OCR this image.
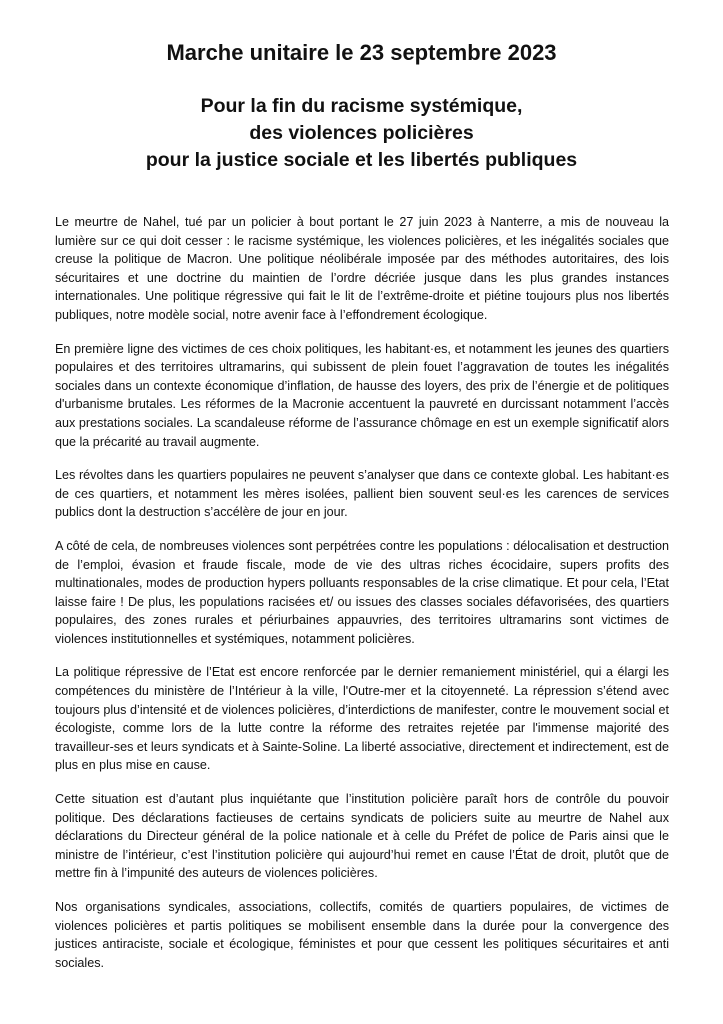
Marche unitaire le 23 septembre 2023
Pour la fin du racisme systémique,
des violences policières
pour la justice sociale et les libertés publiques

Le meurtre de Nahel, tué par un policier à bout portant le 27 juin 2023 à Nanterre, a mis de nouveau la lumière sur ce qui doit cesser : le racisme systémique, les violences policières, et les inégalités sociales que creuse la politique de Macron. Une politique néolibérale imposée par des méthodes autoritaires, des lois sécuritaires et une doctrine du maintien de l’ordre décriée jusque dans les plus grandes instances internationales. Une politique régressive qui fait le lit de l’extrême-droite et piétine toujours plus nos libertés publiques, notre modèle social, notre avenir face à l’effondrement écologique.

En première ligne des victimes de ces choix politiques, les habitant·es, et notamment les jeunes des quartiers populaires et des territoires ultramarins, qui subissent de plein fouet l’aggravation de toutes les inégalités sociales dans un contexte économique d’inflation, de hausse des loyers, des prix de l’énergie et de politiques d'urbanisme brutales. Les réformes de la Macronie accentuent la pauvreté en durcissant notamment l’accès aux prestations sociales. La scandaleuse réforme de l’assurance chômage en est un exemple significatif alors que la précarité au travail augmente.

Les révoltes dans les quartiers populaires ne peuvent s’analyser que dans ce contexte global. Les habitant·es de ces quartiers, et notamment les mères isolées, pallient bien souvent seul·es les carences de services publics dont la destruction s’accélère de jour en jour.

A côté de cela, de nombreuses violences sont perpétrées contre les populations : délocalisation et destruction de l’emploi, évasion et fraude fiscale, mode de vie des ultras riches écocidaire, supers profits des multinationales, modes de production hypers polluants responsables de la crise climatique. Et pour cela, l’Etat laisse faire ! De plus, les populations racisées et/ ou issues des classes sociales défavorisées, des quartiers populaires, des zones rurales et périurbaines appauvries, des territoires ultramarins sont victimes de violences institutionnelles et systémiques, notamment policières.

La politique répressive de l’Etat est encore renforcée par le dernier remaniement ministériel, qui a élargi les compétences du ministère de l’Intérieur à la ville, l'Outre-mer et la citoyenneté. La répression s’étend avec toujours plus d’intensité et de violences policières, d’interdictions de manifester, contre le mouvement social et écologiste, comme lors de la lutte contre la réforme des retraites rejetée par l'immense majorité des travailleur-ses et leurs syndicats et à Sainte-Soline. La liberté associative, directement et indirectement, est de plus en plus mise en cause.

Cette situation est d’autant plus inquiétante que l’institution policière paraît hors de contrôle du pouvoir politique. Des déclarations factieuses de certains syndicats de policiers suite au meurtre de Nahel aux déclarations du Directeur général de la police nationale et à celle du Préfet de police de Paris ainsi que le ministre de l’intérieur, c’est l’institution policière qui aujourd’hui remet en cause l’État de droit, plutôt que de mettre fin à l’impunité des auteurs de violences policières.

Nos organisations syndicales, associations, collectifs, comités de quartiers populaires, de victimes de violences policières et partis politiques se mobilisent ensemble dans la durée pour la convergence des justices antiraciste, sociale et écologique, féministes et pour que cessent les politiques sécuritaires et anti sociales.
